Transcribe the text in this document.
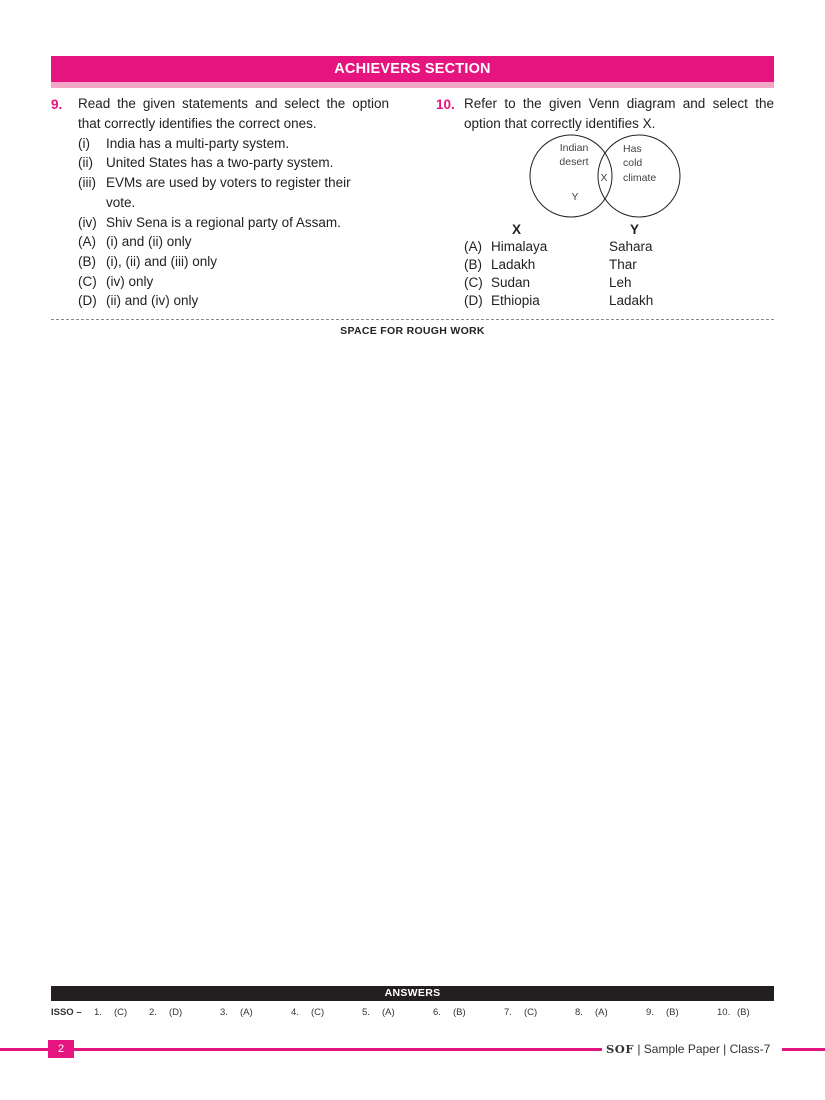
ACHIEVERS SECTION
9. Read the given statements and select the option that correctly identifies the correct ones.
(i) India has a multi-party system.
(ii) United States has a two-party system.
(iii) EVMs are used by voters to register their vote.
(iv) Shiv Sena is a regional party of Assam.
(A) (i) and (ii) only
(B) (i), (ii) and (iii) only
(C) (iv) only
(D) (ii) and (iv) only
10. Refer to the given Venn diagram and select the option that correctly identifies X.
Indian
desert
Has
cold
climate
X
Y
X	Y
(A) Himalaya	Sahara
(B) Ladakh	Thar
(C) Sudan	Leh
(D) Ethiopia	Ladakh
SPACE FOR ROUGH WORK
ANSWERS
ISSO – 1. (C) 2. (D)	3. (A)	4. (C)	5. (A)	6. (B)	7. (C)	8. (A)	9. (B)	10. (B)
2	SOF | Sample Paper | Class-7
